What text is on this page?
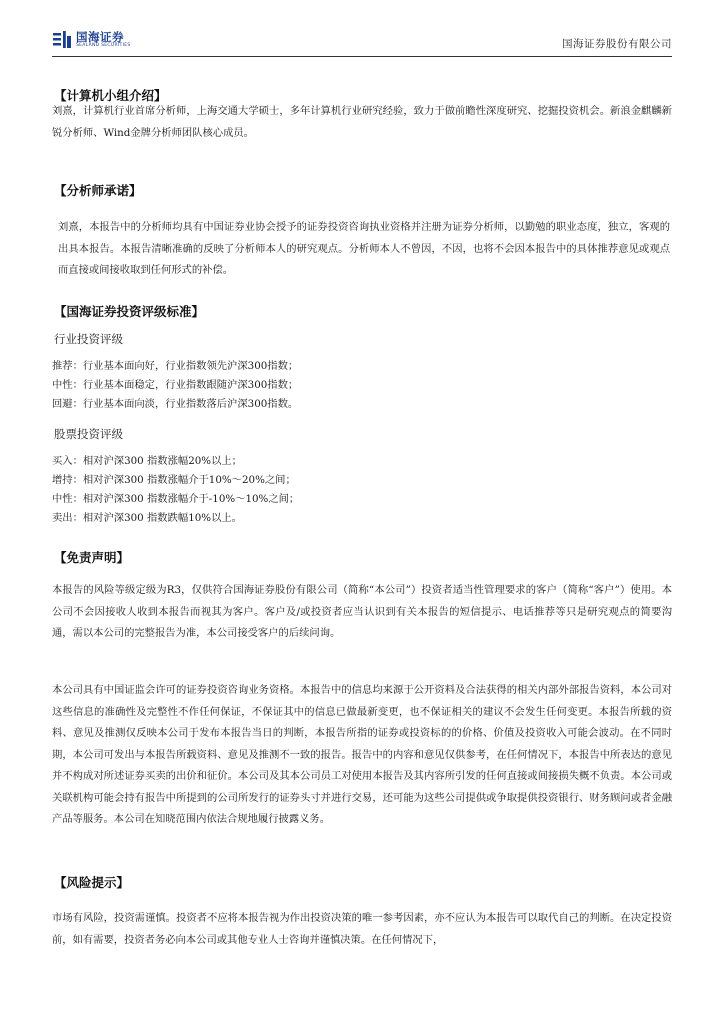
国海证券
SEALAND SECURITIES	国海证券股份有限公司
【计算机小组介绍】
刘熹，计算机行业首席分析师，上海交通大学硕士，多年计算机行业研究经验，致力于做前瞻性深度研究、挖掘投资机会。新浪金麒麟新锐分析师、Wind金牌分析师团队核心成员。
【分析师承诺】
刘熹，本报告中的分析师均具有中国证券业协会授予的证券投资咨询执业资格并注册为证券分析师，以勤勉的职业态度，独立，客观的出具本报告。本报告清晰准确的反映了分析师本人的研究观点。分析师本人不曾因，不因，也将不会因本报告中的具体推荐意见或观点而直接或间接收取到任何形式的补偿。
【国海证券投资评级标准】
行业投资评级
推荐：行业基本面向好，行业指数领先沪深300指数；
中性：行业基本面稳定，行业指数跟随沪深300指数；
回避：行业基本面向淡，行业指数落后沪深300指数。
股票投资评级
买入：相对沪深300 指数涨幅20%以上；
增持：相对沪深300 指数涨幅介于10%～20%之间；
中性：相对沪深300 指数涨幅介于-10%～10%之间；
卖出：相对沪深300 指数跌幅10%以上。
【免责声明】
本报告的风险等级定级为R3，仅供符合国海证券股份有限公司（简称“本公司”）投资者适当性管理要求的客户（简称“客户”）使用。本公司不会因接收人收到本报告而视其为客户。客户及/或投资者应当认识到有关本报告的短信提示、电话推荐等只是研究观点的简要沟通，需以本公司的完整报告为准，本公司接受客户的后续问询。
本公司具有中国证监会许可的证券投资咨询业务资格。本报告中的信息均来源于公开资料及合法获得的相关内部外部报告资料，本公司对这些信息的准确性及完整性不作任何保证，不保证其中的信息已做最新变更，也不保证相关的建议不会发生任何变更。本报告所载的资料、意见及推测仅反映本公司于发布本报告当日的判断，本报告所指的证券或投资标的的价格、价值及投资收入可能会波动。在不同时期，本公司可发出与本报告所载资料、意见及推测不一致的报告。报告中的内容和意见仅供参考，在任何情况下，本报告中所表达的意见并不构成对所述证券买卖的出价和征价。本公司及其本公司员工对使用本报告及其内容所引发的任何直接或间接损失概不负责。本公司或关联机构可能会持有报告中所提到的公司所发行的证券头寸并进行交易，还可能为这些公司提供或争取提供投资银行、财务顾问或者金融产品等服务。本公司在知晓范围内依法合规地履行披露义务。
【风险提示】
市场有风险，投资需谨慎。投资者不应将本报告视为作出投资决策的唯一参考因素，亦不应认为本报告可以取代自己的判断。在决定投资前，如有需要，投资者务必向本公司或其他专业人士咨询并谨慎决策。在任何情况下，
